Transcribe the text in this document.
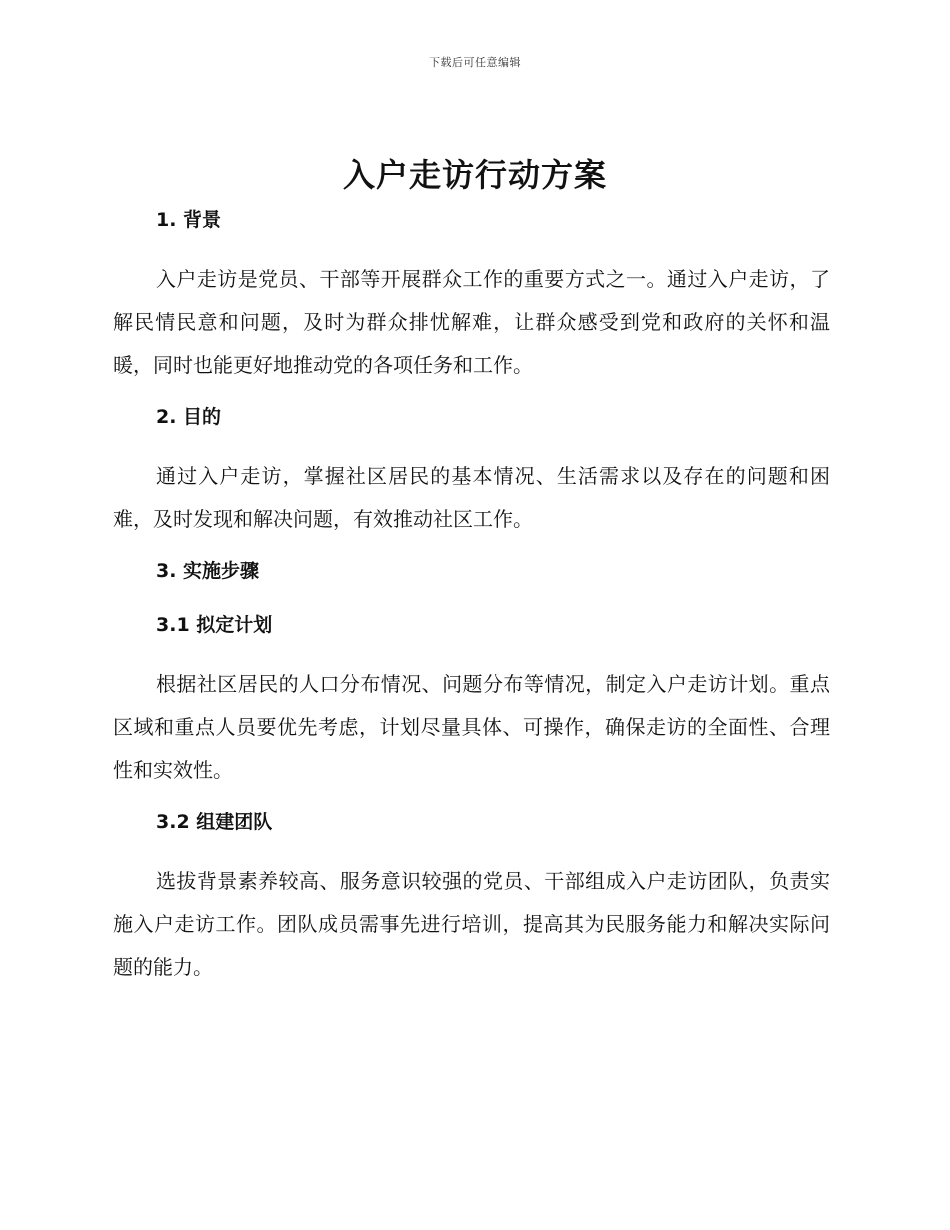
下载后可任意编辑
入户走访行动方案
1. 背景

入户走访是党员、干部等开展群众工作的重要方式之一。通过入户走访，了解民情民意和问题，及时为群众排忧解难，让群众感受到党和政府的关怀和温暖，同时也能更好地推动党的各项任务和工作。

2. 目的

通过入户走访，掌握社区居民的基本情况、生活需求以及存在的问题和困难，及时发现和解决问题，有效推动社区工作。

3. 实施步骤
3.1 拟定计划

根据社区居民的人口分布情况、问题分布等情况，制定入户走访计划。重点区域和重点人员要优先考虑，计划尽量具体、可操作，确保走访的全面性、合理性和实效性。

3.2 组建团队

选拔背景素养较高、服务意识较强的党员、干部组成入户走访团队，负责实施入户走访工作。团队成员需事先进行培训，提高其为民服务能力和解决实际问题的能力。
